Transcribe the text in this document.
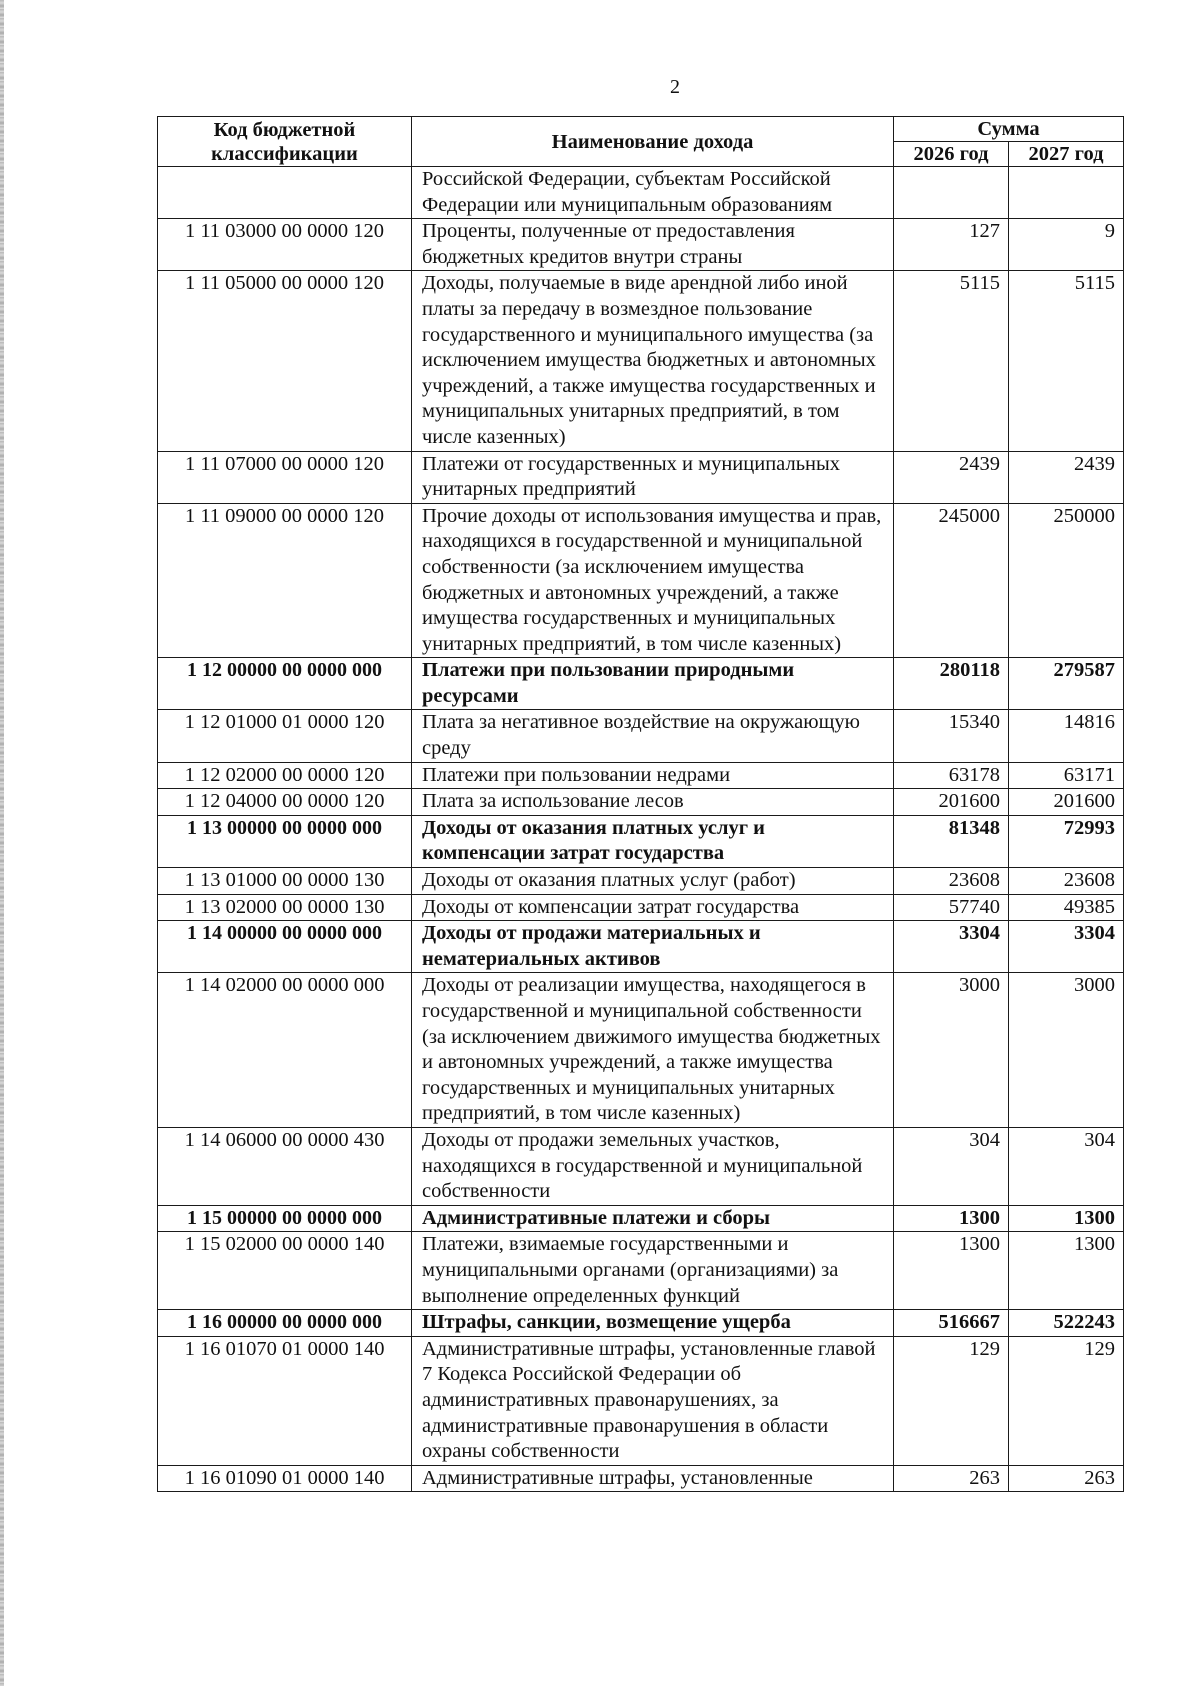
2
Код бюджетной классификации	Наименование дохода	Сумма	
		2026 год	2027 год
	Российской Федерации, субъектам Российской Федерации или муниципальным образованиям		
1 11 03000 00 0000 120	Проценты, полученные от предоставления бюджетных кредитов внутри страны	127	9
1 11 05000 00 0000 120	Доходы, получаемые в виде арендной либо иной платы за передачу в возмездное пользование государственного и муниципального имущества (за исключением имущества бюджетных и автономных учреждений, а также имущества государственных и муниципальных унитарных предприятий, в том числе казенных)	5115	5115
1 11 07000 00 0000 120	Платежи от государственных и муниципальных унитарных предприятий	2439	2439
1 11 09000 00 0000 120	Прочие доходы от использования имущества и прав, находящихся в государственной и муниципальной собственности (за исключением имущества бюджетных и автономных учреждений, а также имущества государственных и муниципальных унитарных предприятий, в том числе казенных)	245000	250000
1 12 00000 00 0000 000	Платежи при пользовании природными ресурсами	280118	279587
1 12 01000 01 0000 120	Плата за негативное воздействие на окружающую среду	15340	14816
1 12 02000 00 0000 120	Платежи при пользовании недрами	63178	63171
1 12 04000 00 0000 120	Плата за использование лесов	201600	201600
1 13 00000 00 0000 000	Доходы от оказания платных услуг и компенсации затрат государства	81348	72993
1 13 01000 00 0000 130	Доходы от оказания платных услуг (работ)	23608	23608
1 13 02000 00 0000 130	Доходы от компенсации затрат государства	57740	49385
1 14 00000 00 0000 000	Доходы от продажи материальных и нематериальных активов	3304	3304
1 14 02000 00 0000 000	Доходы от реализации имущества, находящегося в государственной и муниципальной собственности (за исключением движимого имущества бюджетных и автономных учреждений, а также имущества государственных и муниципальных унитарных предприятий, в том числе казенных)	3000	3000
1 14 06000 00 0000 430	Доходы от продажи земельных участков, находящихся в государственной и муниципальной собственности	304	304
1 15 00000 00 0000 000	Административные платежи и сборы	1300	1300
1 15 02000 00 0000 140	Платежи, взимаемые государственными и муниципальными органами (организациями) за выполнение определенных функций	1300	1300
1 16 00000 00 0000 000	Штрафы, санкции, возмещение ущерба	516667	522243
1 16 01070 01 0000 140	Административные штрафы, установленные главой 7 Кодекса Российской Федерации об административных правонарушениях, за административные правонарушения в области охраны собственности	129	129
1 16 01090 01 0000 140	Административные штрафы, установленные	263	263
